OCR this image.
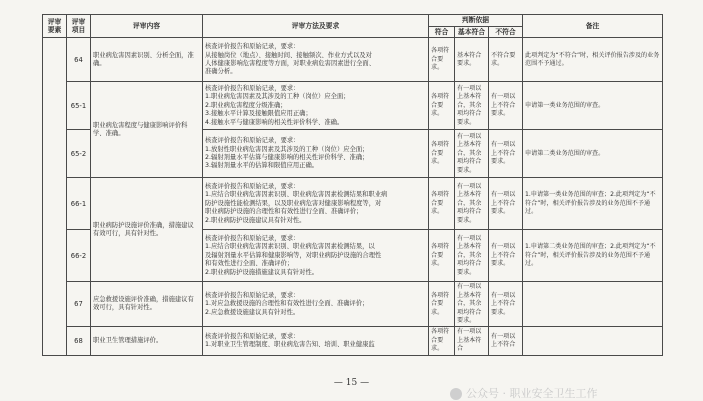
评审要素	评审项目	评审内容	评审方法及要求	判断依据			备注
				符合	基本符合	不符合	
	64	职业病危害因素识别、分析全面，准确。	核查评价报告和原始记录，要求：
从接触岗位（地点）、接触时间、接触频次、作业方式以及对
人体健康影响危害程度等方面，对职业病危害因素进行全面、
准确分析。	各项符合要求。	基本符合要求。	不符合要求。	此项判定为“不符合”时，相关评价报告涉及的业务范围不予通过。
	65-1	职业病危害程度与健康影响评价科学、准确。	核查评价报告和原始记录，要求：
1.职业病危害因素及其涉及的工种（岗位）应全面；
2.职业病危害程度分级准确；
3.接触水平计算及接触限值应用正确；
4.接触水平与健康影响的相关性评价科学、准确。	各项符合要求。	有一项以上基本符合，其余项均符合要求。	有一项以上不符合要求。	申请第一类业务范围的审查。
	65-2		核查评价报告和原始记录，要求：
1.放射性职业病危害因素及其涉及的工种（岗位）应全面；
2.辐射剂量水平估算与健康影响的相关性评价科学、准确；
3.辐射剂量水平的估算和限值应用正确。	各项符合要求。	有一项以上基本符合，其余项均符合要求。	有一项以上不符合要求。	申请第二类业务范围的审查。
	66-1	职业病防护设施评价准确，措施建议有效可行，具有针对性。	核查评价报告和原始记录，要求：
1.应结合职业病危害因素识别、职业病危害因素检测结果和职业病
防护设施性能检测结果，以及职业病危害对健康影响程度等，对
职业病防护设施的合理性和有效性进行全面、准确评价；
2.职业病防护设施建议具有针对性。	各项符合要求。	有一项以上基本符合，其余项均符合要求。	有一项以上不符合要求。	1.申请第一类业务范围的审查；2.此项判定为“不符合”时，相关评价报告涉及的业务范围不予通过。
	66-2		核查评价报告和原始记录，要求：
1.应结合职业病危害因素识别、职业病危害因素检测结果，以
及辐射剂量水平估算和健康影响等，对职业病防护设施的合理性
和有效性进行全面、准确评价；
2.职业病防护设施措施建议具有针对性。	各项符合要求。	有一项以上基本符合，其余项均符合要求。	有一项以上不符合要求。	1.申请第二类业务范围的审查；2.此项判定为“不符合”时，相关评价报告涉及的业务范围不予通过。
	67	应急救援设施评价准确，措施建议有效可行，具有针对性。	核查评价报告和原始记录，要求：
1.对应急救援设施的合理性和有效性进行全面、准确评价；
2.应急救援设施建议具有针对性。	各项符合要求。	有一项以上基本符合，其余项均符合要求。	有一项以上不符合要求。	
	68	职业卫生管理措施评价。	核查评价报告和原始记录，要求：
1.对职业卫生管理制度、职业病危害告知、培训、职业健康监	各项符合要求。	有一项以上基本符合	有一项以上不符合	
— 15 —
公众号 · 职业安全卫生工作
